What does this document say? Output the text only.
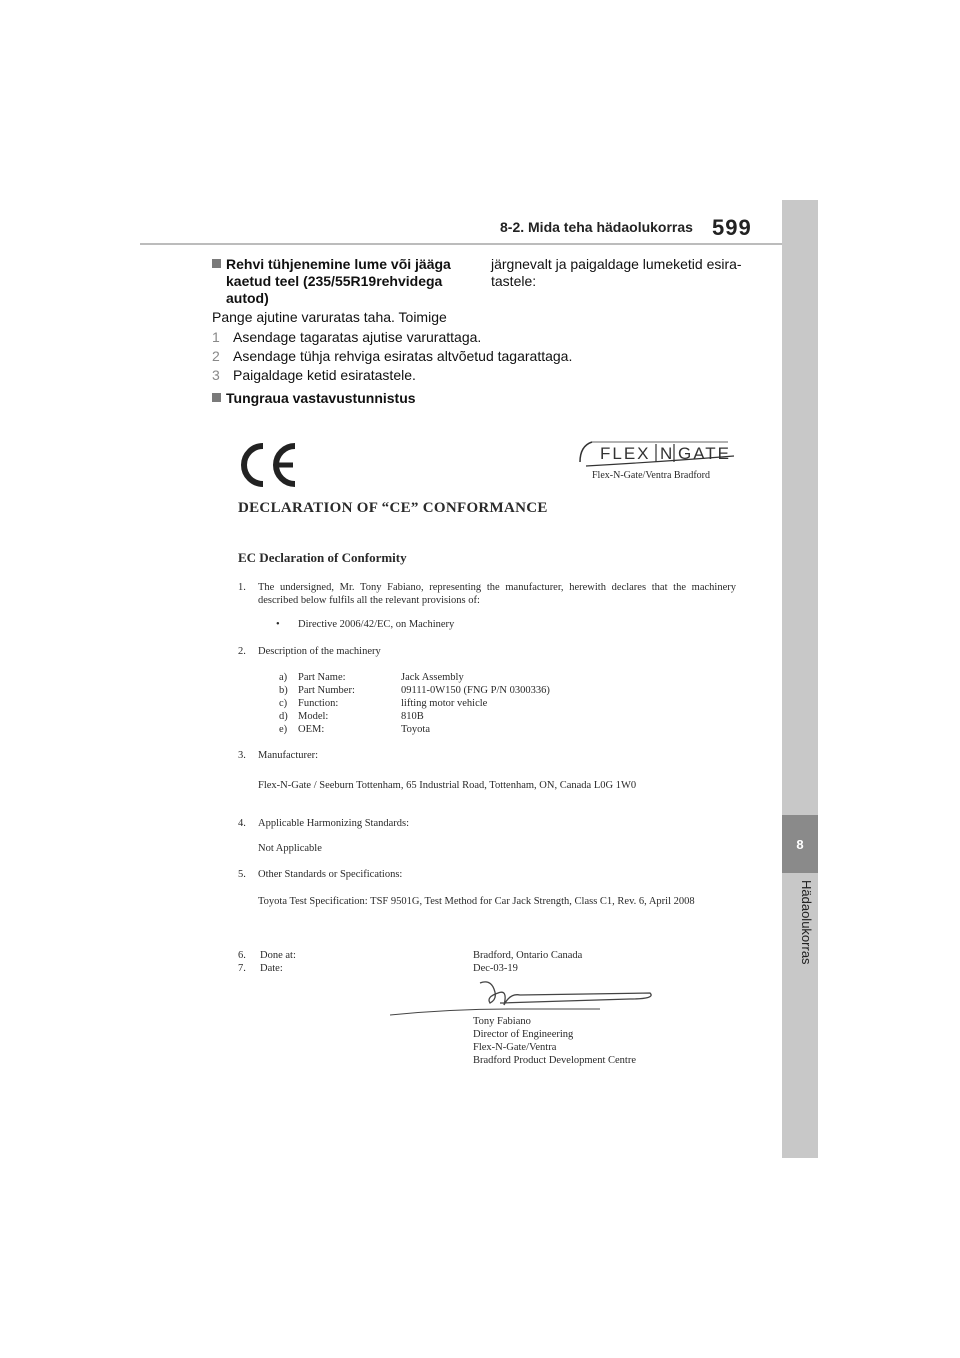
8
Hädaolukorras
8-2. Mida teha hädaolukorras 599
Rehvi tühjenemine lume või jääga kaetud teel (235/55R19rehvidega autod)
järgnevalt ja paigaldage lumeketid esira-tastele:
Pange ajutine varuratas taha. Toimige
1 Asendage tagaratas ajutise varurattaga.
2 Asendage tühja rehviga esiratas altvõetud tagarattaga.
3 Paigaldage ketid esiratastele.
Tungraua vastavustunnistus
FLEX N GATE
Flex-N-Gate/Ventra Bradford
DECLARATION OF “CE” CONFORMANCE
EC Declaration of Conformity
1. The undersigned, Mr. Tony Fabiano, representing the manufacturer, herewith declares that the machinery described below fulfils all the relevant provisions of:
• Directive 2006/42/EC, on Machinery
2. Description of the machinery
a) Part Name:	Jack Assembly
b) Part Number:	09111-0W150 (FNG P/N 0300336)
c) Function:	lifting motor vehicle
d) Model:	810B
e) OEM:	Toyota
3. Manufacturer:
Flex-N-Gate / Seeburn Tottenham, 65 Industrial Road, Tottenham, ON, Canada L0G 1W0
4. Applicable Harmonizing Standards:
Not Applicable
5. Other Standards or Specifications:
Toyota Test Specification: TSF 9501G, Test Method for Car Jack Strength, Class C1, Rev. 6, April 2008
6. Done at:	Bradford, Ontario Canada
7. Date:	Dec-03-19
Tony Fabiano
Director of Engineering
Flex-N-Gate/Ventra
Bradford Product Development Centre
